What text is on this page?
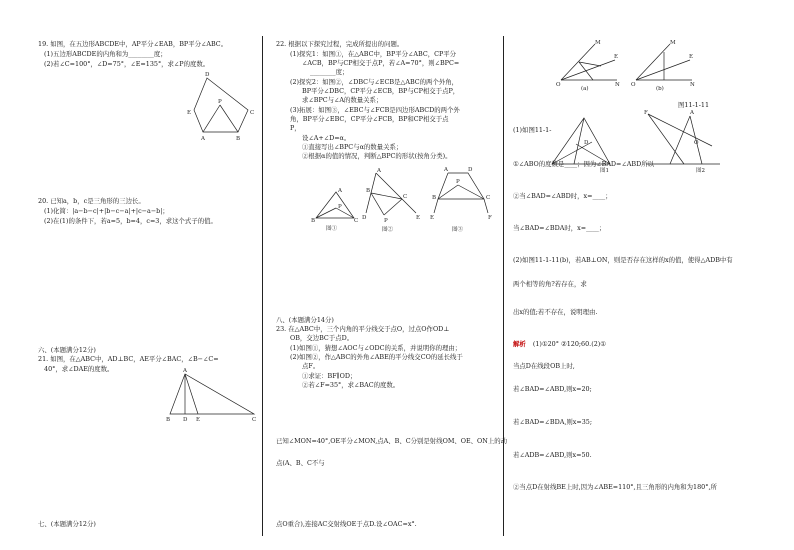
19. 如图，在五边形ABCDE中，AP平分∠EAB，BP平分∠ABC。
(1)五边形ABCDE的内角和为________度；
(2)若∠C=100°，∠D=75°，∠E=135°，求∠P的度数。
D
E
P
C
A	B
20. 已知a，b，c是三角形的三边长。
(1)化简：|a−b−c|+|b−c−a|+|c−a−b|；
(2)在(1)的条件下，若a=5，b=4，c=3，求这个式子的值。
六、(本题满分12分)
21. 如图，在△ABC中，AD⊥BC，AE平分∠BAC，∠B−∠C=
40°，求∠DAE的度数。	A
B D E	C
七、(本题满分12分)
22. 根据以下探究过程，完成所提出的问题。
(1)探究1：如图①，在△ABC中，BP平分∠ABC，CP平分
∠ACB，BP与CP相交于点P，若∠A=70°，则∠BPC=
________度；
(2)探究2：如图②，∠DBC与∠ECB是△ABC的两个外角，
BP平分∠DBC，CP平分∠ECB，BP与CP相交于点P，
求∠BPC与∠A的数量关系；
(3)拓展：如图③，∠EBC与∠FCB是四边形ABCD的两个外
角，BP平分∠EBC，CP平分∠FCB，BP和CP相交于点
P，
设∠A+∠D=α。
①直接写出∠BPC与α的数量关系；
②根据α的值的情况，判断△BPC的形状(按角分类)。
A
P
B	C
图①
A
B
C
D	P	E
图②
A	D
B	C
E	F
P
图③
八、(本题满分14分)
23. 在△ABC中，三个内角的平分线交于点O，过点O作OD⊥
OB，交边BC于点D。
(1)如图①，猜想∠AOC与∠ODC的关系，并说明你的理由；
(2)如图②，作△ABC的外角∠ABE的平分线交CO的延长线于
点F。
①求证：BF∥OD；
②若∠F=35°，求∠BAC的度数。
已知∠MON=40°,OE平分∠MON,点A、B、C分别是射线OM、OE、ON上的动
点(A、B、C不与
点O重合),连接AC交射线OE于点D.设∠OAC=x°.
M
E
O	N
(a)
M
E
O	N
(b)
图11-1-11
(1)如图11-1-
D
图1
F	A
O
图2
①∠ABO的度数是____；因为∠BAD=∠ABD所以
②当∠BAD=∠ABD时，x=____；
当∠BAD=∠BDA时，x=____；
(2)如图11-1-11(b)，若AB⊥ON，则是否存在这样的x的值，使得△ADB中有
两个相等的角?若存在，求
出x的值;若不存在，说明理由.
解析 (1)①20° ②120;60.(2)①
当点D在线段OB上时,
若∠BAD=∠ABD,则x=20;
若∠BAD=∠BDA,则x=35;
若∠ADB=∠ABD,则x=50.
②当点D在射线BE上时,因为∠ABE=110°,且三角形的内角和为180°,所
